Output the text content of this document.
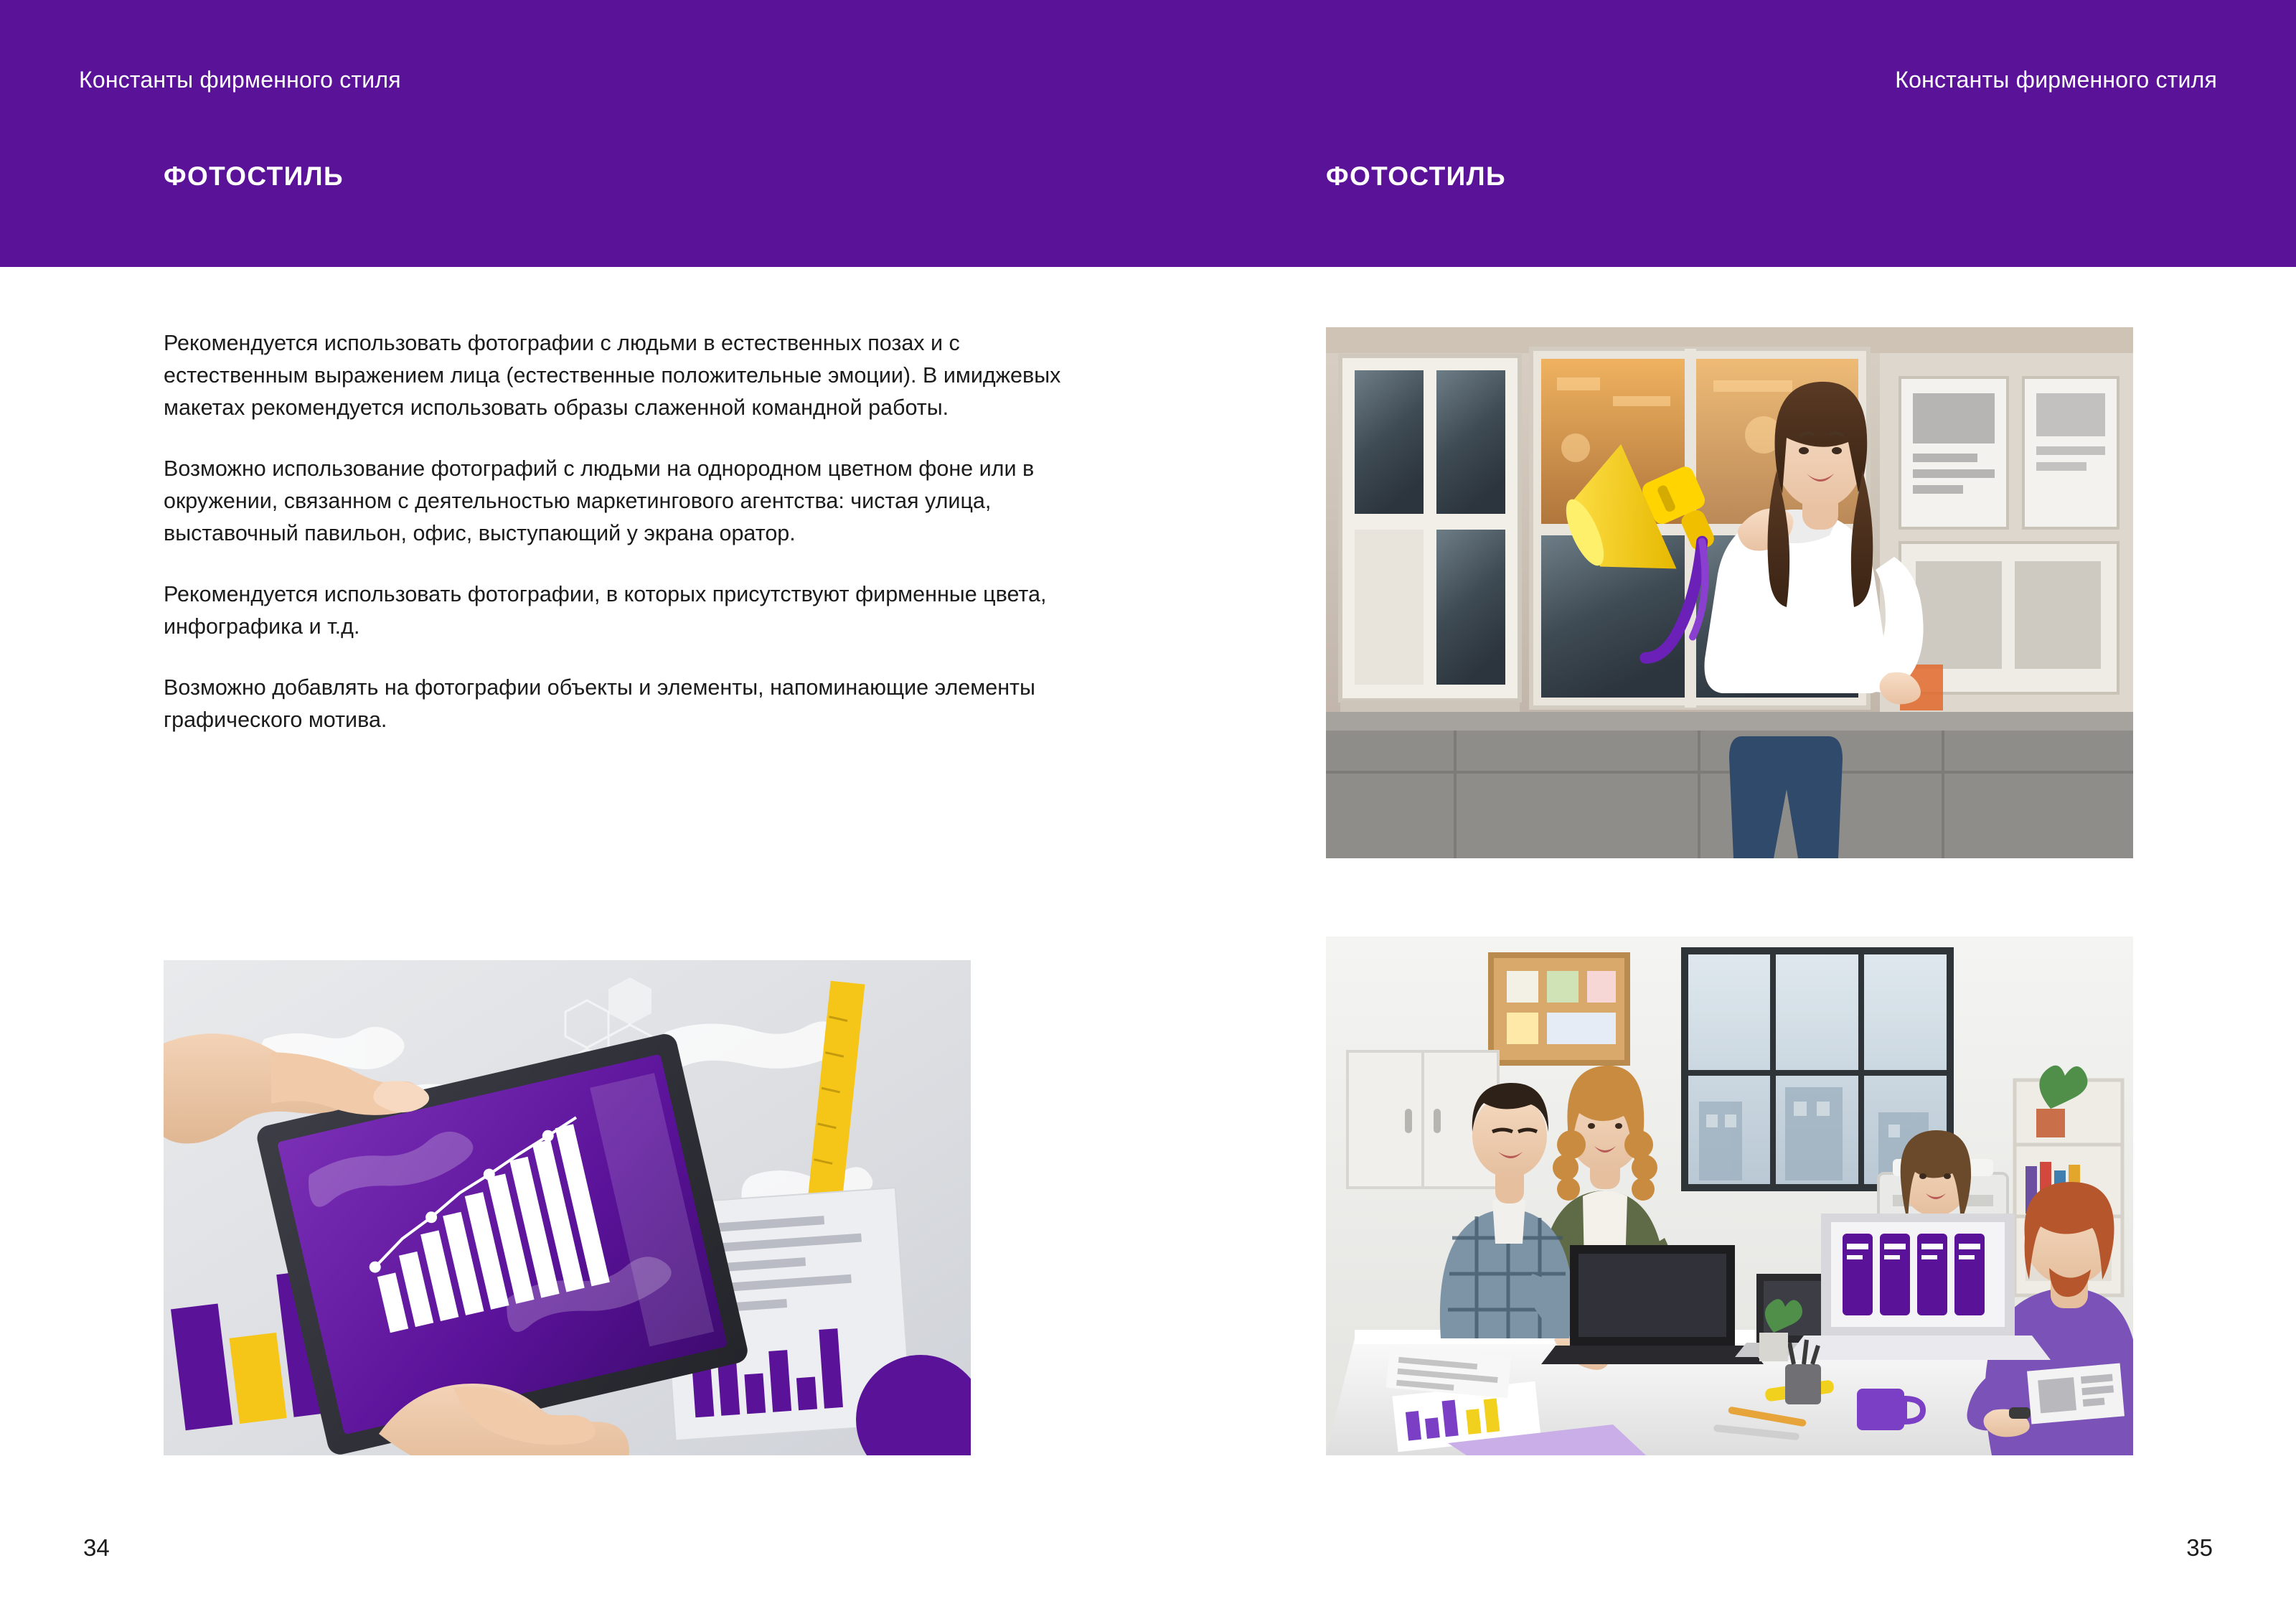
Константы фирменного стиля	Константы фирменного стиля
ФОТОСТИЛЬ	ФОТОСТИЛЬ

Рекомендуется использовать фотографии с людьми в естественных позах и с естественным выражением лица (естественные положительные эмоции). В имиджевых макетах рекомендуется использовать образы слаженной командной работы.

Возможно использование фотографий с людьми на однородном цветном фоне или в окружении, связанном с деятельностью маркетингового агентства: чистая улица, выставочный павильон, офис, выступающий у экрана оратор.

Рекомендуется использовать фотографии, в которых присутствуют фирменные цвета, инфографика и т.д.

Возможно добавлять на фотографии объекты и элементы, напоминающие элементы графического мотива.

34	35
